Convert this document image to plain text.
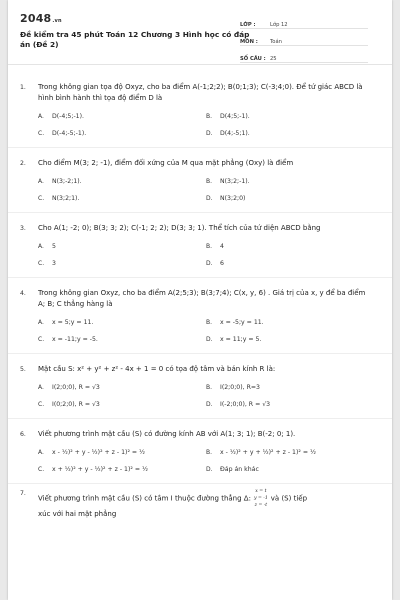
2048.vn
Đề kiểm tra 45 phút Toán 12 Chương 3 Hình học có đáp án (Đề 2)
LỚP :	Lớp 12
MÔN :	Toán
SỐ CÂU : 25
1.	Trong không gian tọa độ Oxyz, cho ba điểm A(-1;2;2); B(0;1;3); C(-3;4;0). Để tứ giác ABCD là hình bình hành thì tọa độ điểm D là
A.	D(-4;5;-1).	B.	D(4;5;-1).
C.	D(-4;-5;-1).	D.	D(4;-5;1).
2.	Cho điểm M(3; 2; -1), điểm đối xứng của M qua mặt phẳng (Oxy) là điểm
A.	N(3;-2;1).	B.	N(3;2;-1).
C.	N(3;2;1).	D.	N(3;2;0)
3.	Cho A(1; -2; 0); B(3; 3; 2); C(-1; 2; 2); D(3; 3; 1). Thể tích của tứ diện ABCD bằng
A.	5	B.	4
C.	3	D.	6
4.	Trong không gian Oxyz, cho ba điểm A(2;5;3); B(3;7;4); C(x, y, 6) . Giá trị của x, y để ba điểm A; B; C thẳng hàng là
A.	x = 5;y = 11.	B.	x = -5;y = 11.
C.	x = -11;y = -5.	D.	x = 11;y = 5.
5.	Mặt cầu S: x² + y² + z² - 4x + 1 = 0 có tọa độ tâm và bán kính R là:
A.	I(2;0;0), R = √3	B.	I(2;0;0), R=3
C.	I(0;2;0), R = √3	D.	I(-2;0;0), R = √3
6.	Viết phương trình mặt cầu (S) có đường kính AB với A(1; 3; 1); B(-2; 0; 1).
A.	x - ½)² + y - ½)² + z - 1)² = ½	B.	x - ½)² + y + ½)² + z - 1)² = ½
C.	x + ½)² + y - ½)² + z - 1)² = ½	D.	Đáp án khác
7.
Viết phương trình mặt cầu (S) có tâm I thuộc đường thẳng Δ:
x = t
y = -1
z = -t
và (S) tiếp
xúc với hai mặt phẳng
